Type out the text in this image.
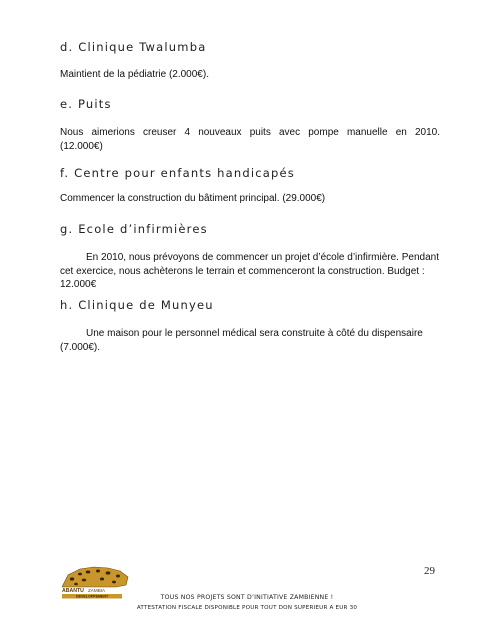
d. Clinique Twalumba

Maintient de la pédiatrie (2.000€).

e. Puits

Nous aimerions creuser 4 nouveaux puits avec pompe manuelle en 2010. (12.000€)

f. Centre pour enfants handicapés

Commencer la construction du bâtiment principal. (29.000€)

g. Ecole d’infirmières

En 2010, nous prévoyons de commencer un projet d’école d’infirmière. Pendant cet exercice, nous achèterons le terrain et commenceront la construction. Budget : 12.000€

h. Clinique de Munyeu

Une maison pour le personnel médical sera construite à côté du dispensaire (7.000€).

29
ABANTU ZAMBIA
DEVELOPPEMENT	TOUS NOS PROJETS SONT D’INITIATIVE ZAMBIENNE !
ATTESTATION FISCALE DISPONIBLE POUR TOUT DON SUPERIEUR A EUR 30
